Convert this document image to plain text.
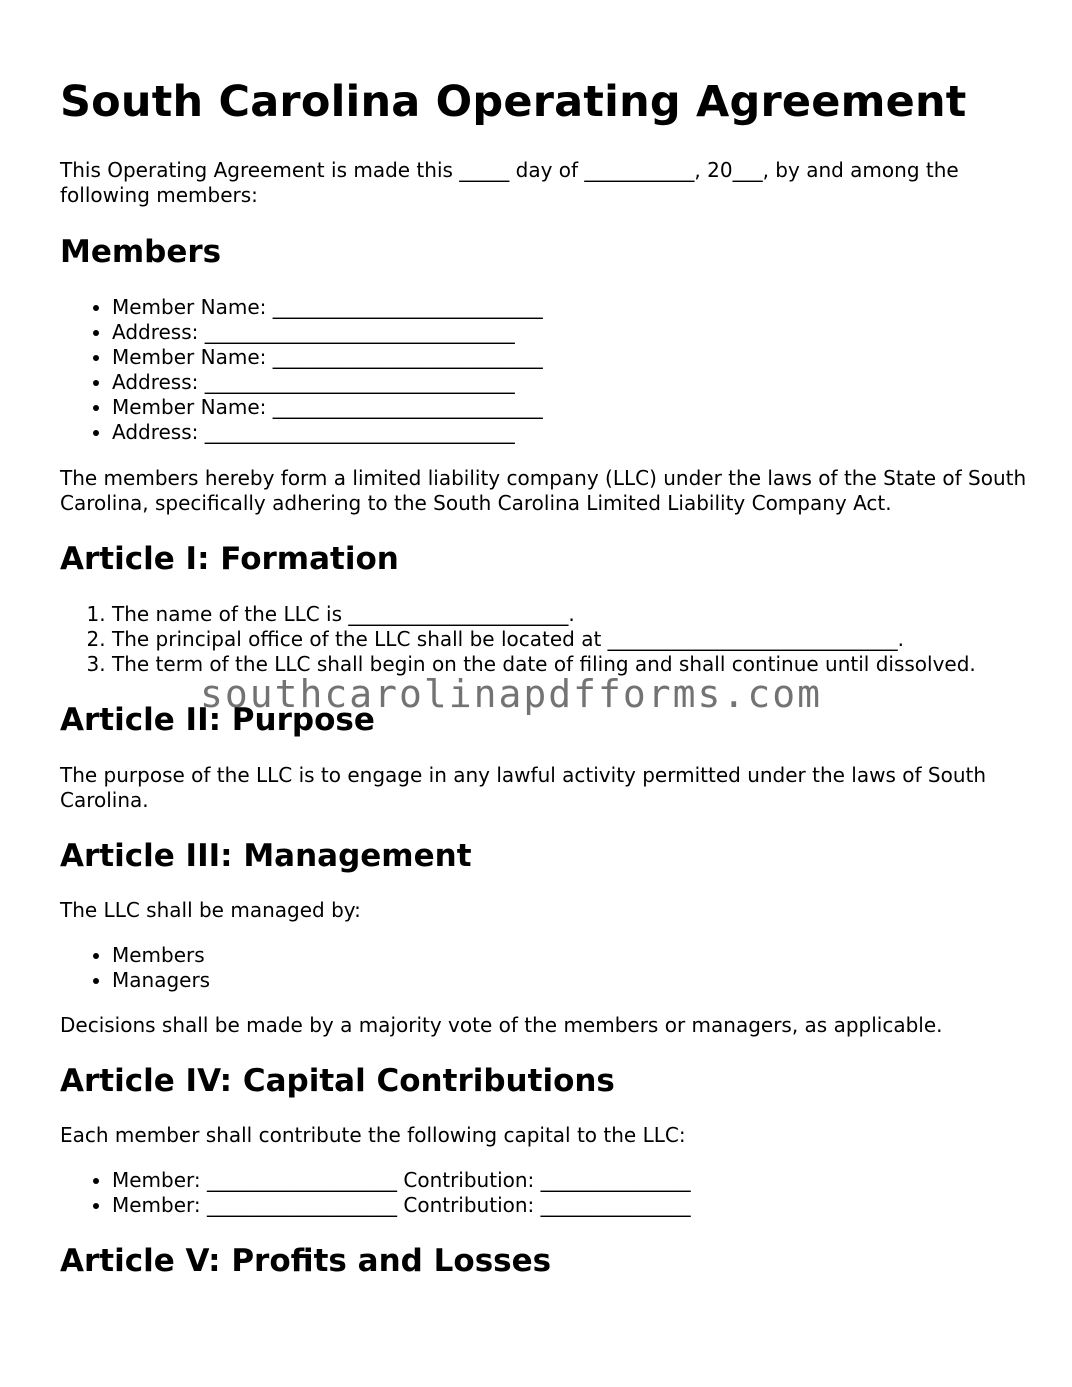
South Carolina Operating Agreement

This Operating Agreement is made this _____ day of ___________, 20___, by and among the following members:

Members
• Member Name: ___________________________
• Address: _______________________________
• Member Name: ___________________________
• Address: _______________________________
• Member Name: ___________________________
• Address: _______________________________

The members hereby form a limited liability company (LLC) under the laws of the State of South Carolina, specifically adhering to the South Carolina Limited Liability Company Act.

Article I: Formation
1. The name of the LLC is ______________________.
2. The principal office of the LLC shall be located at _____________________________.
3. The term of the LLC shall begin on the date of filing and shall continue until dissolved.
Article II: Purpose

The purpose of the LLC is to engage in any lawful activity permitted under the laws of South Carolina.

Article III: Management

The LLC shall be managed by:

• Members
• Managers

Decisions shall be made by a majority vote of the members or managers, as applicable.

Article IV: Capital Contributions

Each member shall contribute the following capital to the LLC:

• Member: ___________________ Contribution: _______________
• Member: ___________________ Contribution: _______________
Article V: Profits and Losses
southcarolinapdfforms.com
